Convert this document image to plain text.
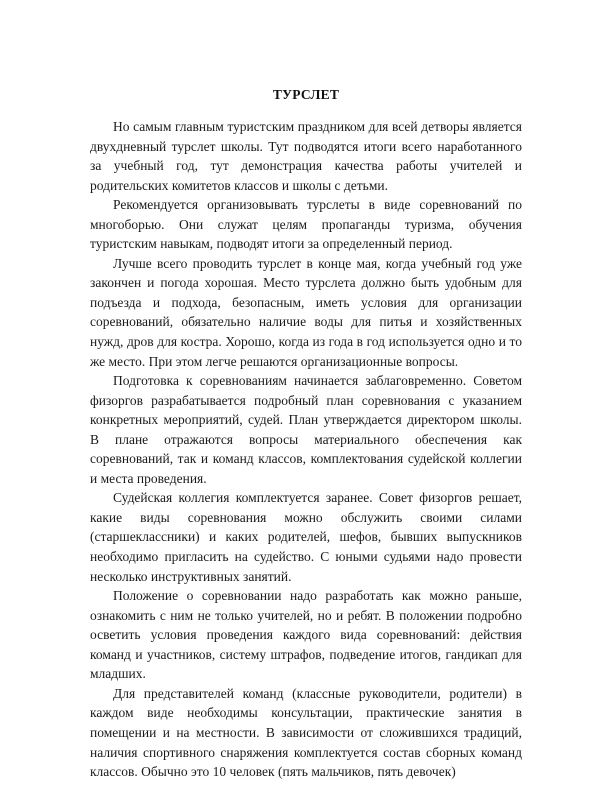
ТУРСЛЕТ

Но самым главным туристским праздником для всей детворы является двухдневный турслет школы. Тут подводятся итоги всего наработанного за учебный год, тут демонстрация качества работы учителей и родительских комитетов классов и школы с детьми.

Рекомендуется организовывать турслеты в виде соревнований по многоборью. Они служат целям пропаганды туризма, обучения туристским навыкам, подводят итоги за определенный период.

Лучше всего проводить турслет в конце мая, когда учебный год уже закончен и погода хорошая. Место турслета должно быть удобным для подъезда и подхода, безопасным, иметь условия для организации соревнований, обязательно наличие воды для питья и хозяйственных нужд, дров для костра. Хорошо, когда из года в год используется одно и то же место. При этом легче решаются организационные вопросы.

Подготовка к соревнованиям начинается заблаговременно. Советом физоргов разрабатывается подробный план соревнования с указанием конкретных мероприятий, судей. План утверждается директором школы. В плане отражаются вопросы материального обеспечения как соревнований, так и команд классов, комплектования судейской коллегии и места проведения.

Судейская коллегия комплектуется заранее. Совет физоргов решает, какие виды соревнования можно обслужить своими силами (старшеклассники) и каких родителей, шефов, бывших выпускников необходимо пригласить на судейство. С юными судьями надо провести несколько инструктивных занятий.

Положение о соревновании надо разработать как можно раньше, ознакомить с ним не только учителей, но и ребят. В положении подробно осветить условия проведения каждого вида соревнований: действия команд и участников, систему штрафов, подведение итогов, гандикап для младших.

Для представителей команд (классные руководители, родители) в каждом виде необходимы консультации, практические занятия в помещении и на местности. В зависимости от сложившихся традиций, наличия спортивного снаряжения комплектуется состав сборных команд классов. Обычно это 10 человек (пять мальчиков, пять девочек)
